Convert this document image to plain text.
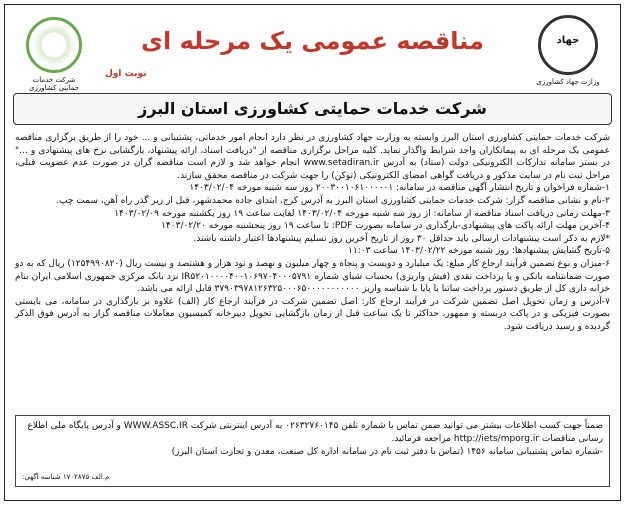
شرکت خدمات حمایتی کشاورزی
نوبت اول
مناقصه عمومی یک مرحله ای	جهاد
وزارت جهاد کشاورزی
شرکت خدمات حمایتی کشاورزی استان البرز

شرکت خدمات حمایتی کشاورزی استان البرز وابسته به وزارت جهاد کشاورزی در نظر دارد انجام امور خدماتی، پشتیبانی و ... خود را از طریق برگزاری مناقصه عمومی یک مرحله ای به پیمانکاران واجد شرایط واگذار نماید. کلیه مراحل برگزاری مناقصه از "دریافت اسناد، ارائه پیشنهاد، بازگشایی نرخ های پیشنهادی و ..." در بستر سامانه تدارکات الکترونیکی دولت (ستاد) به آدرس www.setadiran.ir انجام خواهد شد و لازم است مناقصه گران در صورت عدم عضویت قبلی، مراحل ثبت نام در سایت مذکور و دریافت گواهی امضای الکترونیکی (توکن) را جهت شرکت در مناقصه محقق سازند.

۱-شماره فراخوان و تاریخ انتشار آگهی مناقصه در سامانه: ۲۰۰۳۰۰۱۰۶۱۰۰۰۰۰۱ روز سه شنبه مورخه ۱۴۰۳/۰۲/۰۴

۲-نام و نشانی مناقصه گزار: شرکت خدمات حمایتی کشاورزی استان البرز به آدرس کرج، ابتدای جاده محمدشهر، قبل از زیر گذر راه آهن، سمت چپ.

۳-مهلت زمانی دریافت اسناد مناقصه از سامانه: از روز سه شنبه مورخه ۱۴۰۳/۰۲/۰۴ لغایت ساعت ۱۹ روز یکشنبه مورخه ۱۴۰۳/۰۲/۰۹

۴-آخرین مهلت ارائه پاکت های پیشنهادی-بارگذاری در سامانه بصورت PDF: تا ساعت ۱۹ روز پنجشنبه مورخه ۱۴۰۳/۰۲/۲۰

*لازم به ذکر است پیشنهادات ارسالی باید حداقل ۳۰ روز از تاریخ آخرین روز تسلیم پیشنهادها اعتبار داشته باشند.

۵-تاریخ گشایش پیشنهادها: روز شنبه مورخه ۱۴۰۳/۰۲/۲۲ ساعت ۱۱:۰۳

۶-میزان و نوع تضمین فرآیند ارجاع کار مبلغ: یک میلیارد و دویست و پنجاه و چهار میلیون و نهصد و نود هزار و هشتصد و بیست ریال (۱۲۵۴۹۹۰۸۲۰) ریال که به دو صورت ضمانتنامه بانکی و یا پرداخت نقدی (فیش واریزی) بحساب شبای شماره IR۵۲۰۱۰۰۰۰۴۰۰۱۰۶۹۷۰۴۰۰۰۵۷۹۱ نزد بانک مرکزی جمهوری اسلامی ایران بنام خزانه داری کل از طریق دستور پرداخت ساتنا یا پایا با شناسه واریز ۳۷۹۰۳۹۷۸۱۲۶۳۲۵۰۰۰۶۵۰۰۰۰۰۰۰۰۰۰۰ قابل ارائه می باشد.

۷-آدرس و زمان تحویل اصل تضمین شرکت در فرآیند ارجاع کار: اصل تضمین شرکت در فرآیند ارجاع کار (الف) علاوه بر بارگذاری در سامانه، می بایستی بصورت فیزیکی و در پاکت دربسته و ممهور، حداکثر تا یک ساعت قبل از زمان بازگشایی تحویل دبیرخانه کمیسیون معاملات مناقصه گزار به آدرس فوق الذکر گردیده و رسید دریافت شود.

ضمناً جهت کسب اطلاعات بیشتر می توانید ضمن تماس با شماره تلفن ۰۲۶۳۲۷۶۰۱۴۵ به آدرس اینترنتی شرکت WWW.ASSC.IR و آدرس پایگاه ملی اطلاع رسانی مناقصات http://iets/mporg.ir مراجعه فرمائید.

-شماره تماس پشتیبانی سامانه ۱۴۵۶ (تماس با دفتر ثبت نام در سامانه اداره کل صنعت، معدن و تجارت استان البرز)

م.الف ۱۷۰۲۸۷۵ شناسه آگهی:
